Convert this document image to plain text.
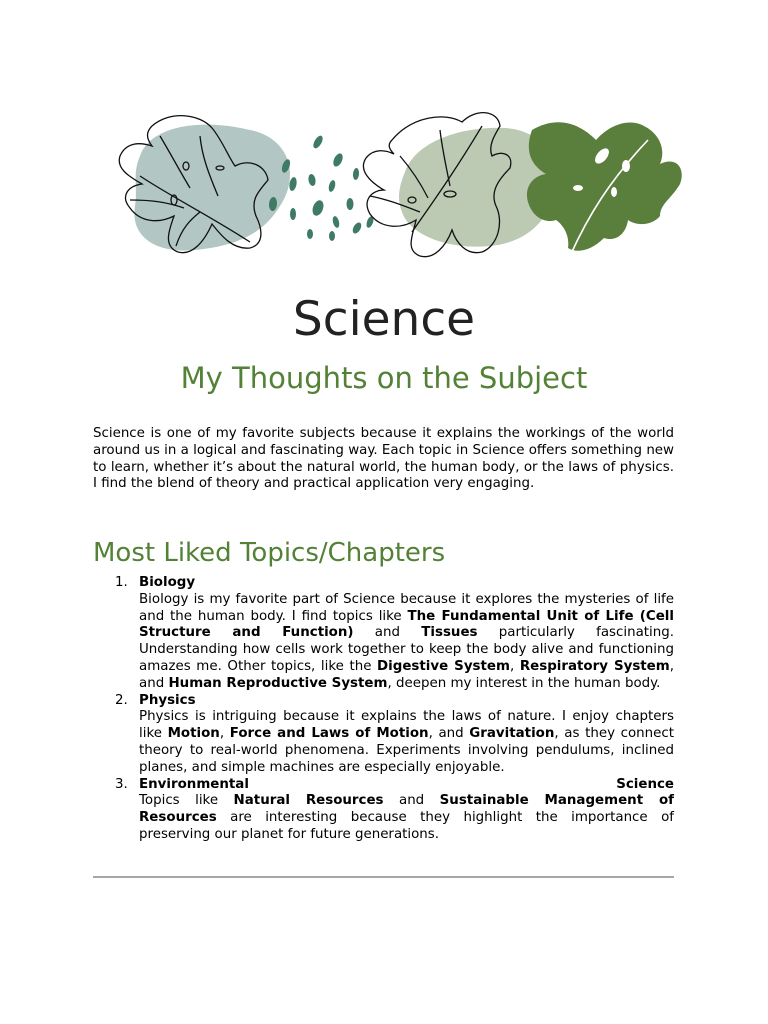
Science
My Thoughts on the Subject

Science is one of my favorite subjects because it explains the workings of the world around us in a logical and fascinating way. Each topic in Science offers something new to learn, whether it’s about the natural world, the human body, or the laws of physics. I find the blend of theory and practical application very engaging.

Most Liked Topics/Chapters
1. Biology
Biology is my favorite part of Science because it explores the mysteries of life and the human body. I find topics like The Fundamental Unit of Life (Cell Structure and Function) and Tissues particularly fascinating. Understanding how cells work together to keep the body alive and functioning amazes me. Other topics, like the Digestive System, Respiratory System, and Human Reproductive System, deepen my interest in the human body.
2. Physics
Physics is intriguing because it explains the laws of nature. I enjoy chapters like Motion, Force and Laws of Motion, and Gravitation, as they connect theory to real-world phenomena. Experiments involving pendulums, inclined planes, and simple machines are especially enjoyable.
3. Environmental	Science
Topics like Natural Resources and Sustainable Management of Resources are interesting because they highlight the importance of preserving our planet for future generations.
